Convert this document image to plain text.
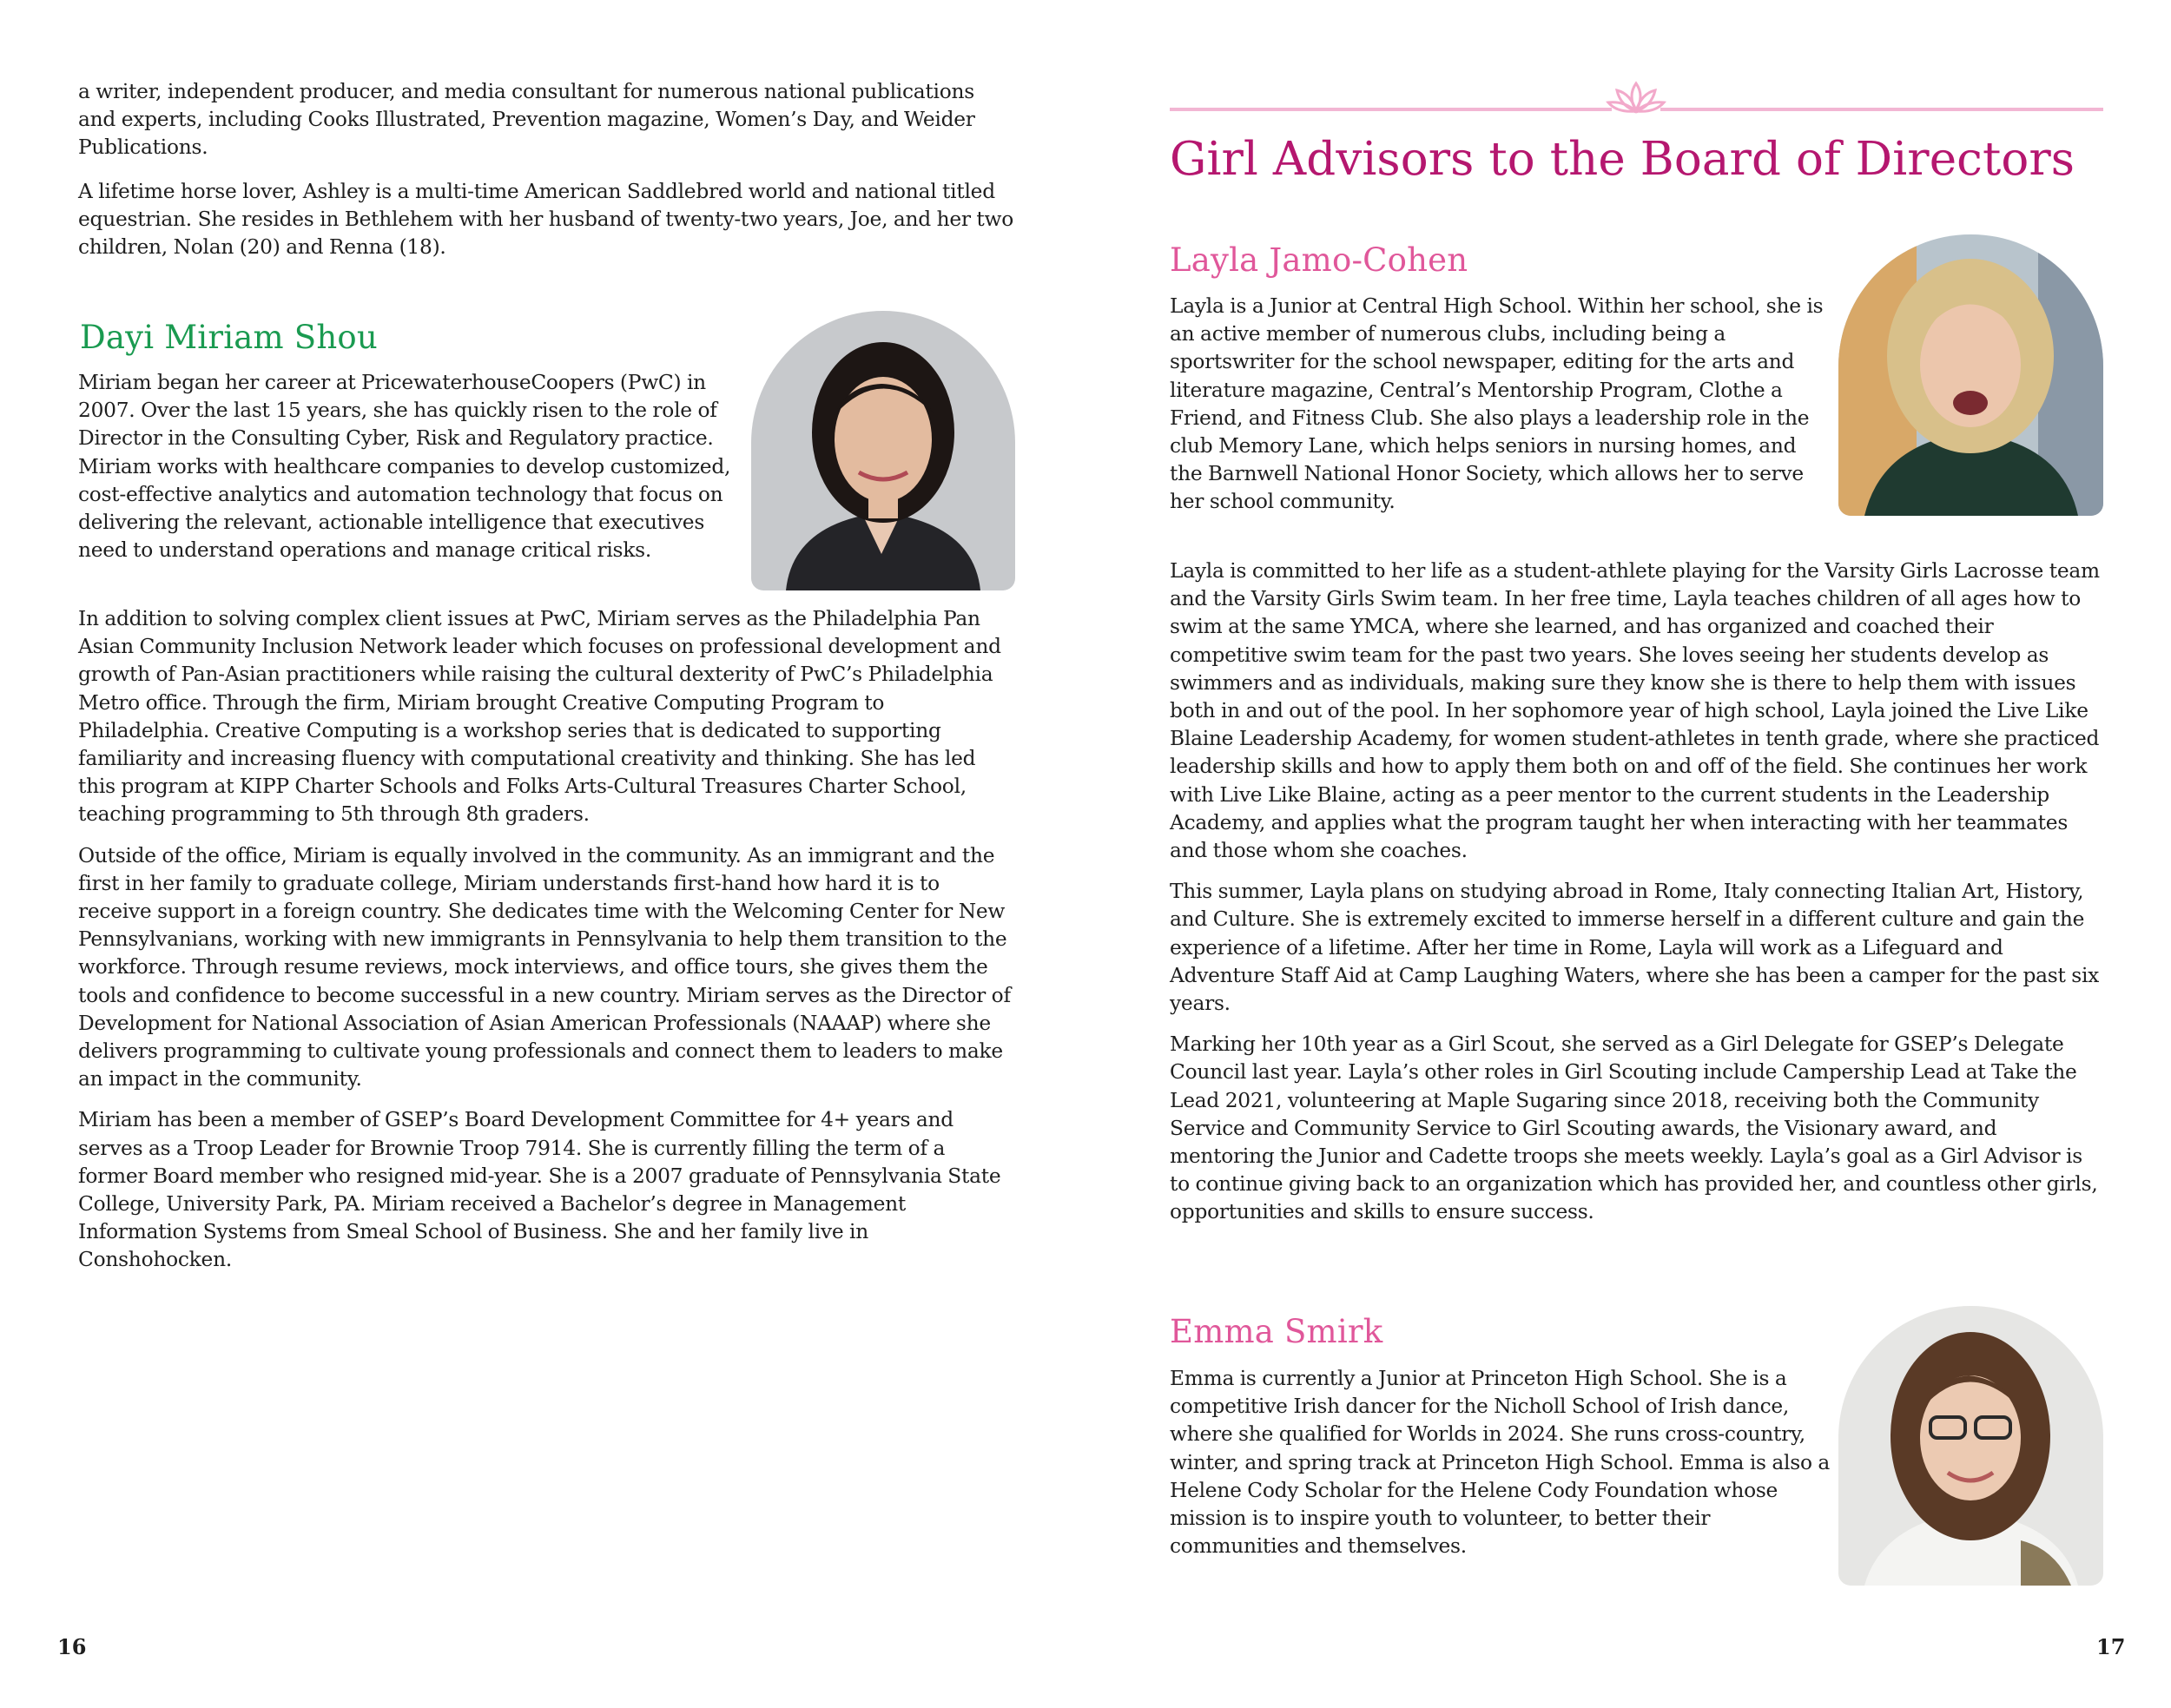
a writer, independent producer, and media consultant for numerous national publications and experts, including Cooks Illustrated, Prevention magazine, Women’s Day, and Weider Publications.

A lifetime horse lover, Ashley is a multi-time American Saddlebred world and national titled equestrian. She resides in Bethlehem with her husband of twenty-two years, Joe, and her two children, Nolan (20) and Renna (18).

Dayi Miriam Shou

Miriam began her career at PricewaterhouseCoopers (PwC) in 2007. Over the last 15 years, she has quickly risen to the role of Director in the Consulting Cyber, Risk and Regulatory practice. Miriam works with healthcare companies to develop customized, cost-effective analytics and automation technology that focus on delivering the relevant, actionable intelligence that executives need to understand operations and manage critical risks.

In addition to solving complex client issues at PwC, Miriam serves as the Philadelphia Pan Asian Community Inclusion Network leader which focuses on professional development and growth of Pan-Asian practitioners while raising the cultural dexterity of PwC’s Philadelphia Metro office. Through the firm, Miriam brought Creative Computing Program to Philadelphia. Creative Computing is a workshop series that is dedicated to supporting familiarity and increasing fluency with computational creativity and thinking. She has led this program at KIPP Charter Schools and Folks Arts-Cultural Treasures Charter School, teaching programming to 5th through 8th graders.

Outside of the office, Miriam is equally involved in the community. As an immigrant and the first in her family to graduate college, Miriam understands first-hand how hard it is to receive support in a foreign country. She dedicates time with the Welcoming Center for New Pennsylvanians, working with new immigrants in Pennsylvania to help them transition to the workforce. Through resume reviews, mock interviews, and office tours, she gives them the tools and confidence to become successful in a new country. Miriam serves as the Director of Development for National Association of Asian American Professionals (NAAAP) where she delivers programming to cultivate young professionals and connect them to leaders to make an impact in the community.

Miriam has been a member of GSEP’s Board Development Committee for 4+ years and serves as a Troop Leader for Brownie Troop 7914. She is currently filling the term of a former Board member who resigned mid-year. She is a 2007 graduate of Pennsylvania State College, University Park, PA. Miriam received a Bachelor’s degree in Management Information Systems from Smeal School of Business. She and her family live in Conshohocken.

16
Girl Advisors to the Board of Directors
Layla Jamo-Cohen

Layla is a Junior at Central High School. Within her school, she is an active member of numerous clubs, including being a sportswriter for the school newspaper, editing for the arts and literature magazine, Central’s Mentorship Program, Clothe a Friend, and Fitness Club. She also plays a leadership role in the club Memory Lane, which helps seniors in nursing homes, and the Barnwell National Honor Society, which allows her to serve her school community.

Layla is committed to her life as a student-athlete playing for the Varsity Girls Lacrosse team and the Varsity Girls Swim team. In her free time, Layla teaches children of all ages how to swim at the same YMCA, where she learned, and has organized and coached their competitive swim team for the past two years. She loves seeing her students develop as swimmers and as individuals, making sure they know she is there to help them with issues both in and out of the pool. In her sophomore year of high school, Layla joined the Live Like Blaine Leadership Academy, for women student-athletes in tenth grade, where she practiced leadership skills and how to apply them both on and off of the field. She continues her work with Live Like Blaine, acting as a peer mentor to the current students in the Leadership Academy, and applies what the program taught her when interacting with her teammates and those whom she coaches.

This summer, Layla plans on studying abroad in Rome, Italy connecting Italian Art, History, and Culture. She is extremely excited to immerse herself in a different culture and gain the experience of a lifetime. After her time in Rome, Layla will work as a Lifeguard and Adventure Staff Aid at Camp Laughing Waters, where she has been a camper for the past six years.

Marking her 10th year as a Girl Scout, she served as a Girl Delegate for GSEP’s Delegate Council last year. Layla’s other roles in Girl Scouting include Campership Lead at Take the Lead 2021, volunteering at Maple Sugaring since 2018, receiving both the Community Service and Community Service to Girl Scouting awards, the Visionary award, and mentoring the Junior and Cadette troops she meets weekly. Layla’s goal as a Girl Advisor is to continue giving back to an organization which has provided her, and countless other girls, opportunities and skills to ensure success.

Emma Smirk

Emma is currently a Junior at Princeton High School. She is a competitive Irish dancer for the Nicholl School of Irish dance, where she qualified for Worlds in 2024. She runs cross-country, winter, and spring track at Princeton High School. Emma is also a Helene Cody Scholar for the Helene Cody Foundation whose mission is to inspire youth to volunteer, to better their communities and themselves.

17
